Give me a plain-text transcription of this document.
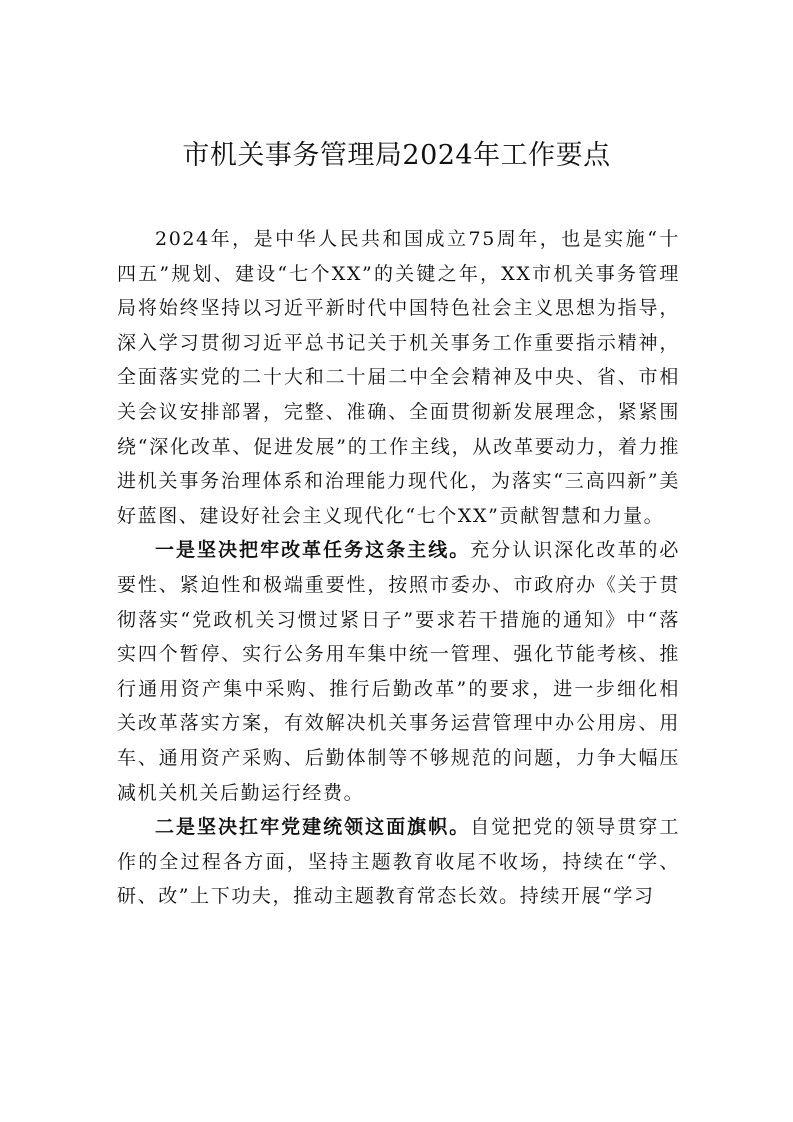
市机关事务管理局2024年工作要点

2024年，是中华人民共和国成立75周年，也是实施“十四五”规划、建设“七个XX”的关键之年，XX市机关事务管理局将始终坚持以习近平新时代中国特色社会主义思想为指导，深入学习贯彻习近平总书记关于机关事务工作重要指示精神，全面落实党的二十大和二十届二中全会精神及中央、省、市相关会议安排部署，完整、准确、全面贯彻新发展理念，紧紧围绕“深化改革、促进发展”的工作主线，从改革要动力，着力推进机关事务治理体系和治理能力现代化，为落实“三高四新”美好蓝图、建设好社会主义现代化“七个XX”贡献智慧和力量。

一是坚决把牢改革任务这条主线。充分认识深化改革的必要性、紧迫性和极端重要性，按照市委办、市政府办《关于贯彻落实“党政机关习惯过紧日子”要求若干措施的通知》中“落实四个暂停、实行公务用车集中统一管理、强化节能考核、推行通用资产集中采购、推行后勤改革”的要求，进一步细化相关改革落实方案，有效解决机关事务运营管理中办公用房、用车、通用资产采购、后勤体制等不够规范的问题，力争大幅压减机关机关后勤运行经费。

二是坚决扛牢党建统领这面旗帜。自觉把党的领导贯穿工作的全过程各方面，坚持主题教育收尾不收场，持续在“学、研、改”上下功夫，推动主题教育常态长效。持续开展“学习
